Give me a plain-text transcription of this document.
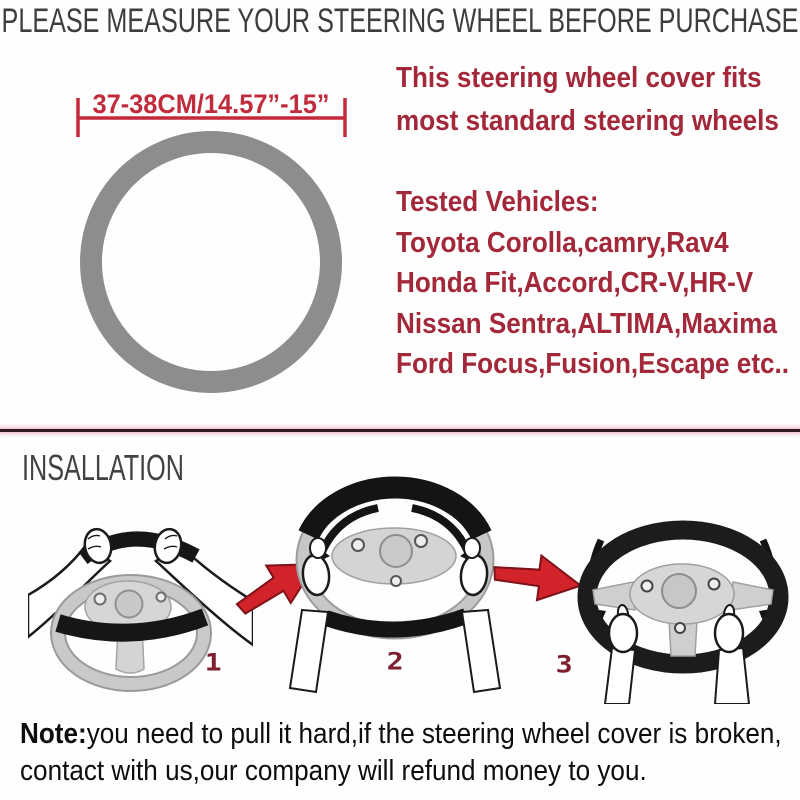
PLEASE MEASURE YOUR STEERING WHEEL BEFORE PURCHASE
37-38CM/14.57”-15”
This steering wheel cover fits
most standard steering wheels
Tested Vehicles:
Toyota Corolla,camry,Rav4
Honda Fit,Accord,CR-V,HR-V
Nissan Sentra,ALTIMA,Maxima
Ford Focus,Fusion,Escape etc..
INSALLATION
1	2	3
Note:you need to pull it hard,if the steering wheel cover is broken,
contact with us,our company will refund money to you.
